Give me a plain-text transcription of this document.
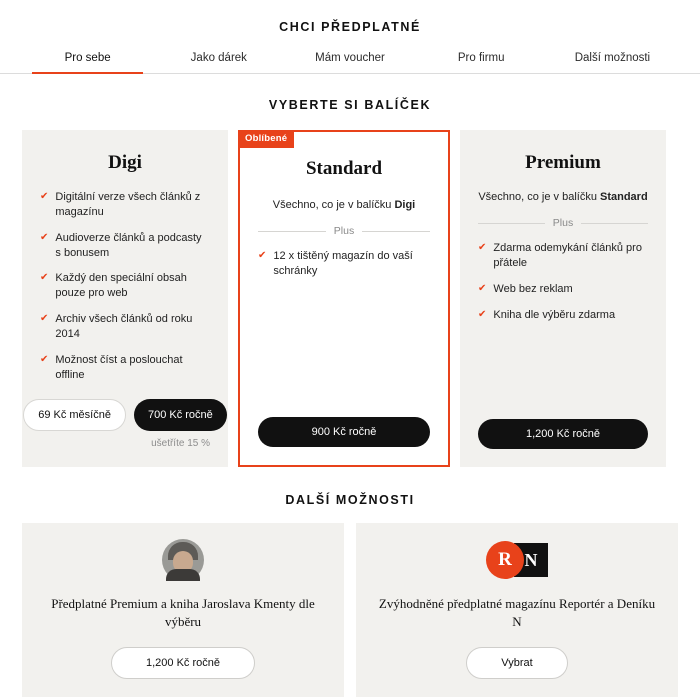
CHCI PŘEDPLATNÉ
Pro sebe	Jako dárek	Mám voucher	Pro firmu	Další možnosti
VYBERTE SI BALÍČEK
Digi
✔ Digitální verze všech článků z magazínu
✔ Audioverze článků a podcasty s bonusem
✔ Každý den speciální obsah pouze pro web
✔ Archiv všech článků od roku 2014
✔ Možnost číst a poslouchat offline
69 Kč měsíčně	700 Kč ročně
ušetříte 15 %
Oblíbené
Standard
Všechno, co je v balíčku Digi
Plus
✔ 12 x tištěný magazín do vaší schránky
900 Kč ročně
Premium
Všechno, co je v balíčku Standard
Plus
✔ Zdarma odemykání článků pro přátele
✔ Web bez reklam
✔ Kniha dle výběru zdarma
1,200 Kč ročně
DALŠÍ MOŽNOSTI
Předplatné Premium a kniha Jaroslava Kmenty dle výběru
1,200 Kč ročně
R N
Zvýhodněné předplatné magazínu Reportér a Deníku N
Vybrat
